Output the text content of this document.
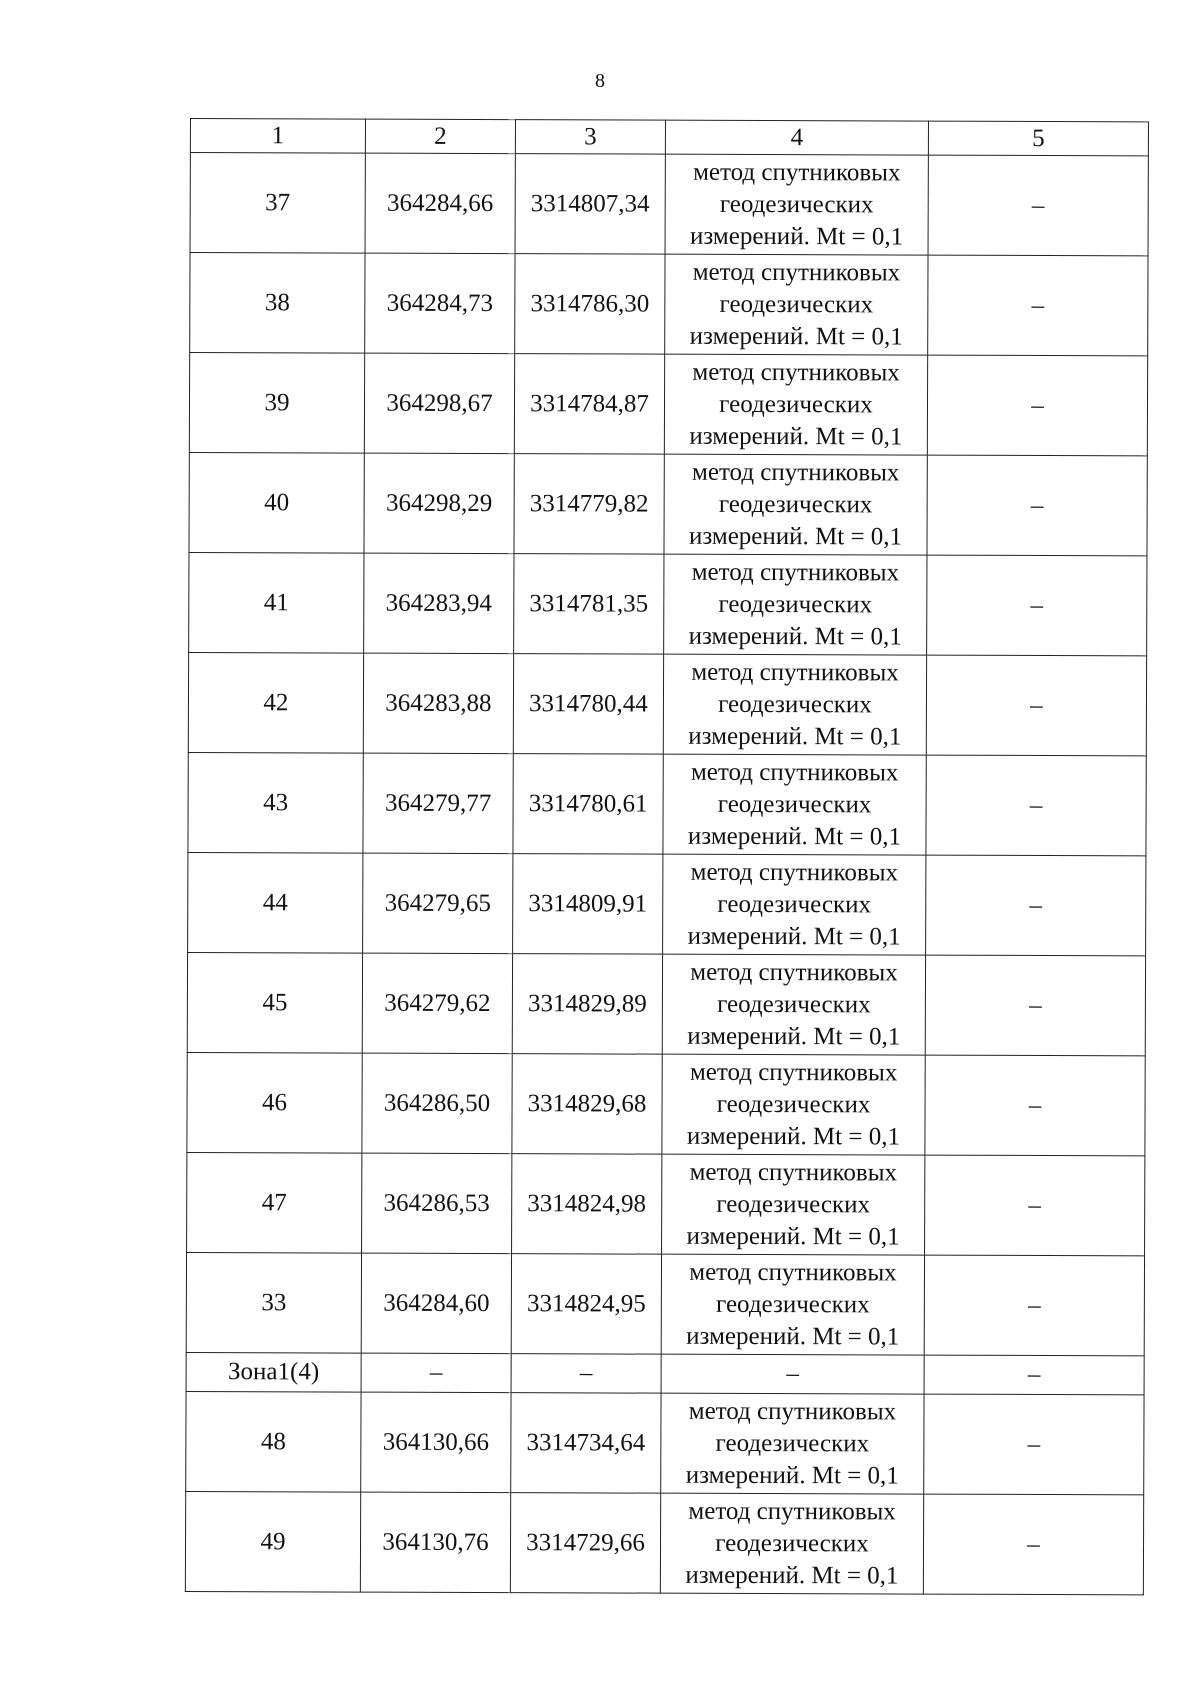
8
1	2	3	4	5
37	364284,66	3314807,34	метод спутниковых геодезических измерений. Mt = 0,1	–
38	364284,73	3314786,30	метод спутниковых геодезических измерений. Mt = 0,1	–
39	364298,67	3314784,87	метод спутниковых геодезических измерений. Mt = 0,1	–
40	364298,29	3314779,82	метод спутниковых геодезических измерений. Mt = 0,1	–
41	364283,94	3314781,35	метод спутниковых геодезических измерений. Mt = 0,1	–
42	364283,88	3314780,44	метод спутниковых геодезических измерений. Mt = 0,1	–
43	364279,77	3314780,61	метод спутниковых геодезических измерений. Mt = 0,1	–
44	364279,65	3314809,91	метод спутниковых геодезических измерений. Mt = 0,1	–
45	364279,62	3314829,89	метод спутниковых геодезических измерений. Mt = 0,1	–
46	364286,50	3314829,68	метод спутниковых геодезических измерений. Mt = 0,1	–
47	364286,53	3314824,98	метод спутниковых геодезических измерений. Mt = 0,1	–
33	364284,60	3314824,95	метод спутниковых геодезических измерений. Mt = 0,1	–
Зона1(4)	–	–	–	–
48	364130,66	3314734,64	метод спутниковых геодезических измерений. Mt = 0,1	–
49	364130,76	3314729,66	метод спутниковых геодезических измерений. Mt = 0,1	–
